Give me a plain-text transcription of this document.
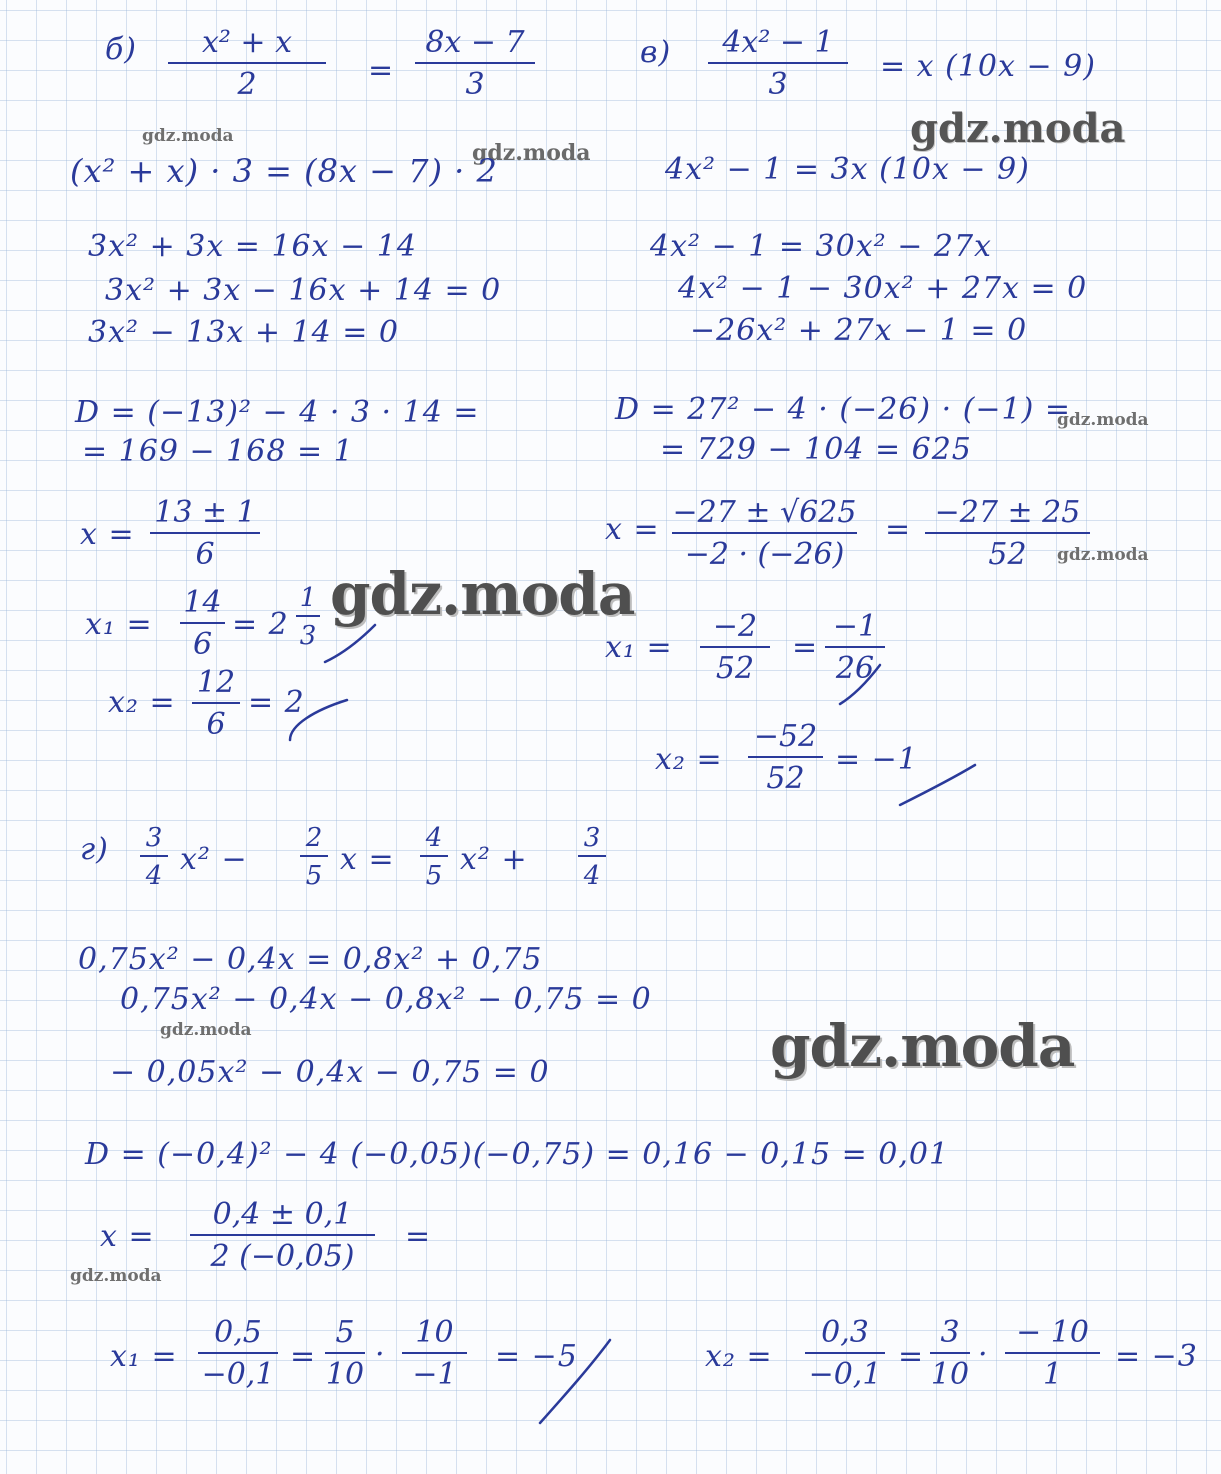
gdz.moda
gdz.moda
gdz.moda
gdz.moda
gdz.moda
gdz.moda
gdz.moda	gdz.moda
gdz.moda
б)	x² + x
2	=
8x − 7
3
(x² + x) · 3 = (8x − 7) · 2
3x² + 3x = 16x − 14
3x² + 3x − 16x + 14 = 0
3x² − 13x + 14 = 0
D = (−13)² − 4 · 3 · 14 =
= 169 − 168 = 1
x =
13 ± 1
6
x₁ =
14
6
= 2
1
3
x₂ =
12
6
= 2
в)	4x² − 1
3
= x (10x − 9)
4x² − 1 = 3x (10x − 9)
4x² − 1 = 30x² − 27x
4x² − 1 − 30x² + 27x = 0
−26x² + 27x − 1 = 0
D = 27² − 4 · (−26) · (−1) =
= 729 − 104 = 625
x = −27 ± √625
−2 · (−26)
= −27 ± 25
52
x₁ =
−2
52
=
−1
26
x₂ =
−52
52
= −1
г) 3
4 x² −
2
5 x =
4
5 x² +
3
4
0,75x² − 0,4x = 0,8x² + 0,75
0,75x² − 0,4x − 0,8x² − 0,75 = 0
− 0,05x² − 0,4x − 0,75 = 0
D = (−0,4)² − 4 (−0,05)(−0,75) = 0,16 − 0,15 = 0,01
x =
0,4 ± 0,1
2 (−0,05)
=
x₁ =
0,5
−0,1
=
5
10
·
10
−1
= −5	x₂ =
0,3
−0,1
=
3
10
·
− 10
1
= −3
